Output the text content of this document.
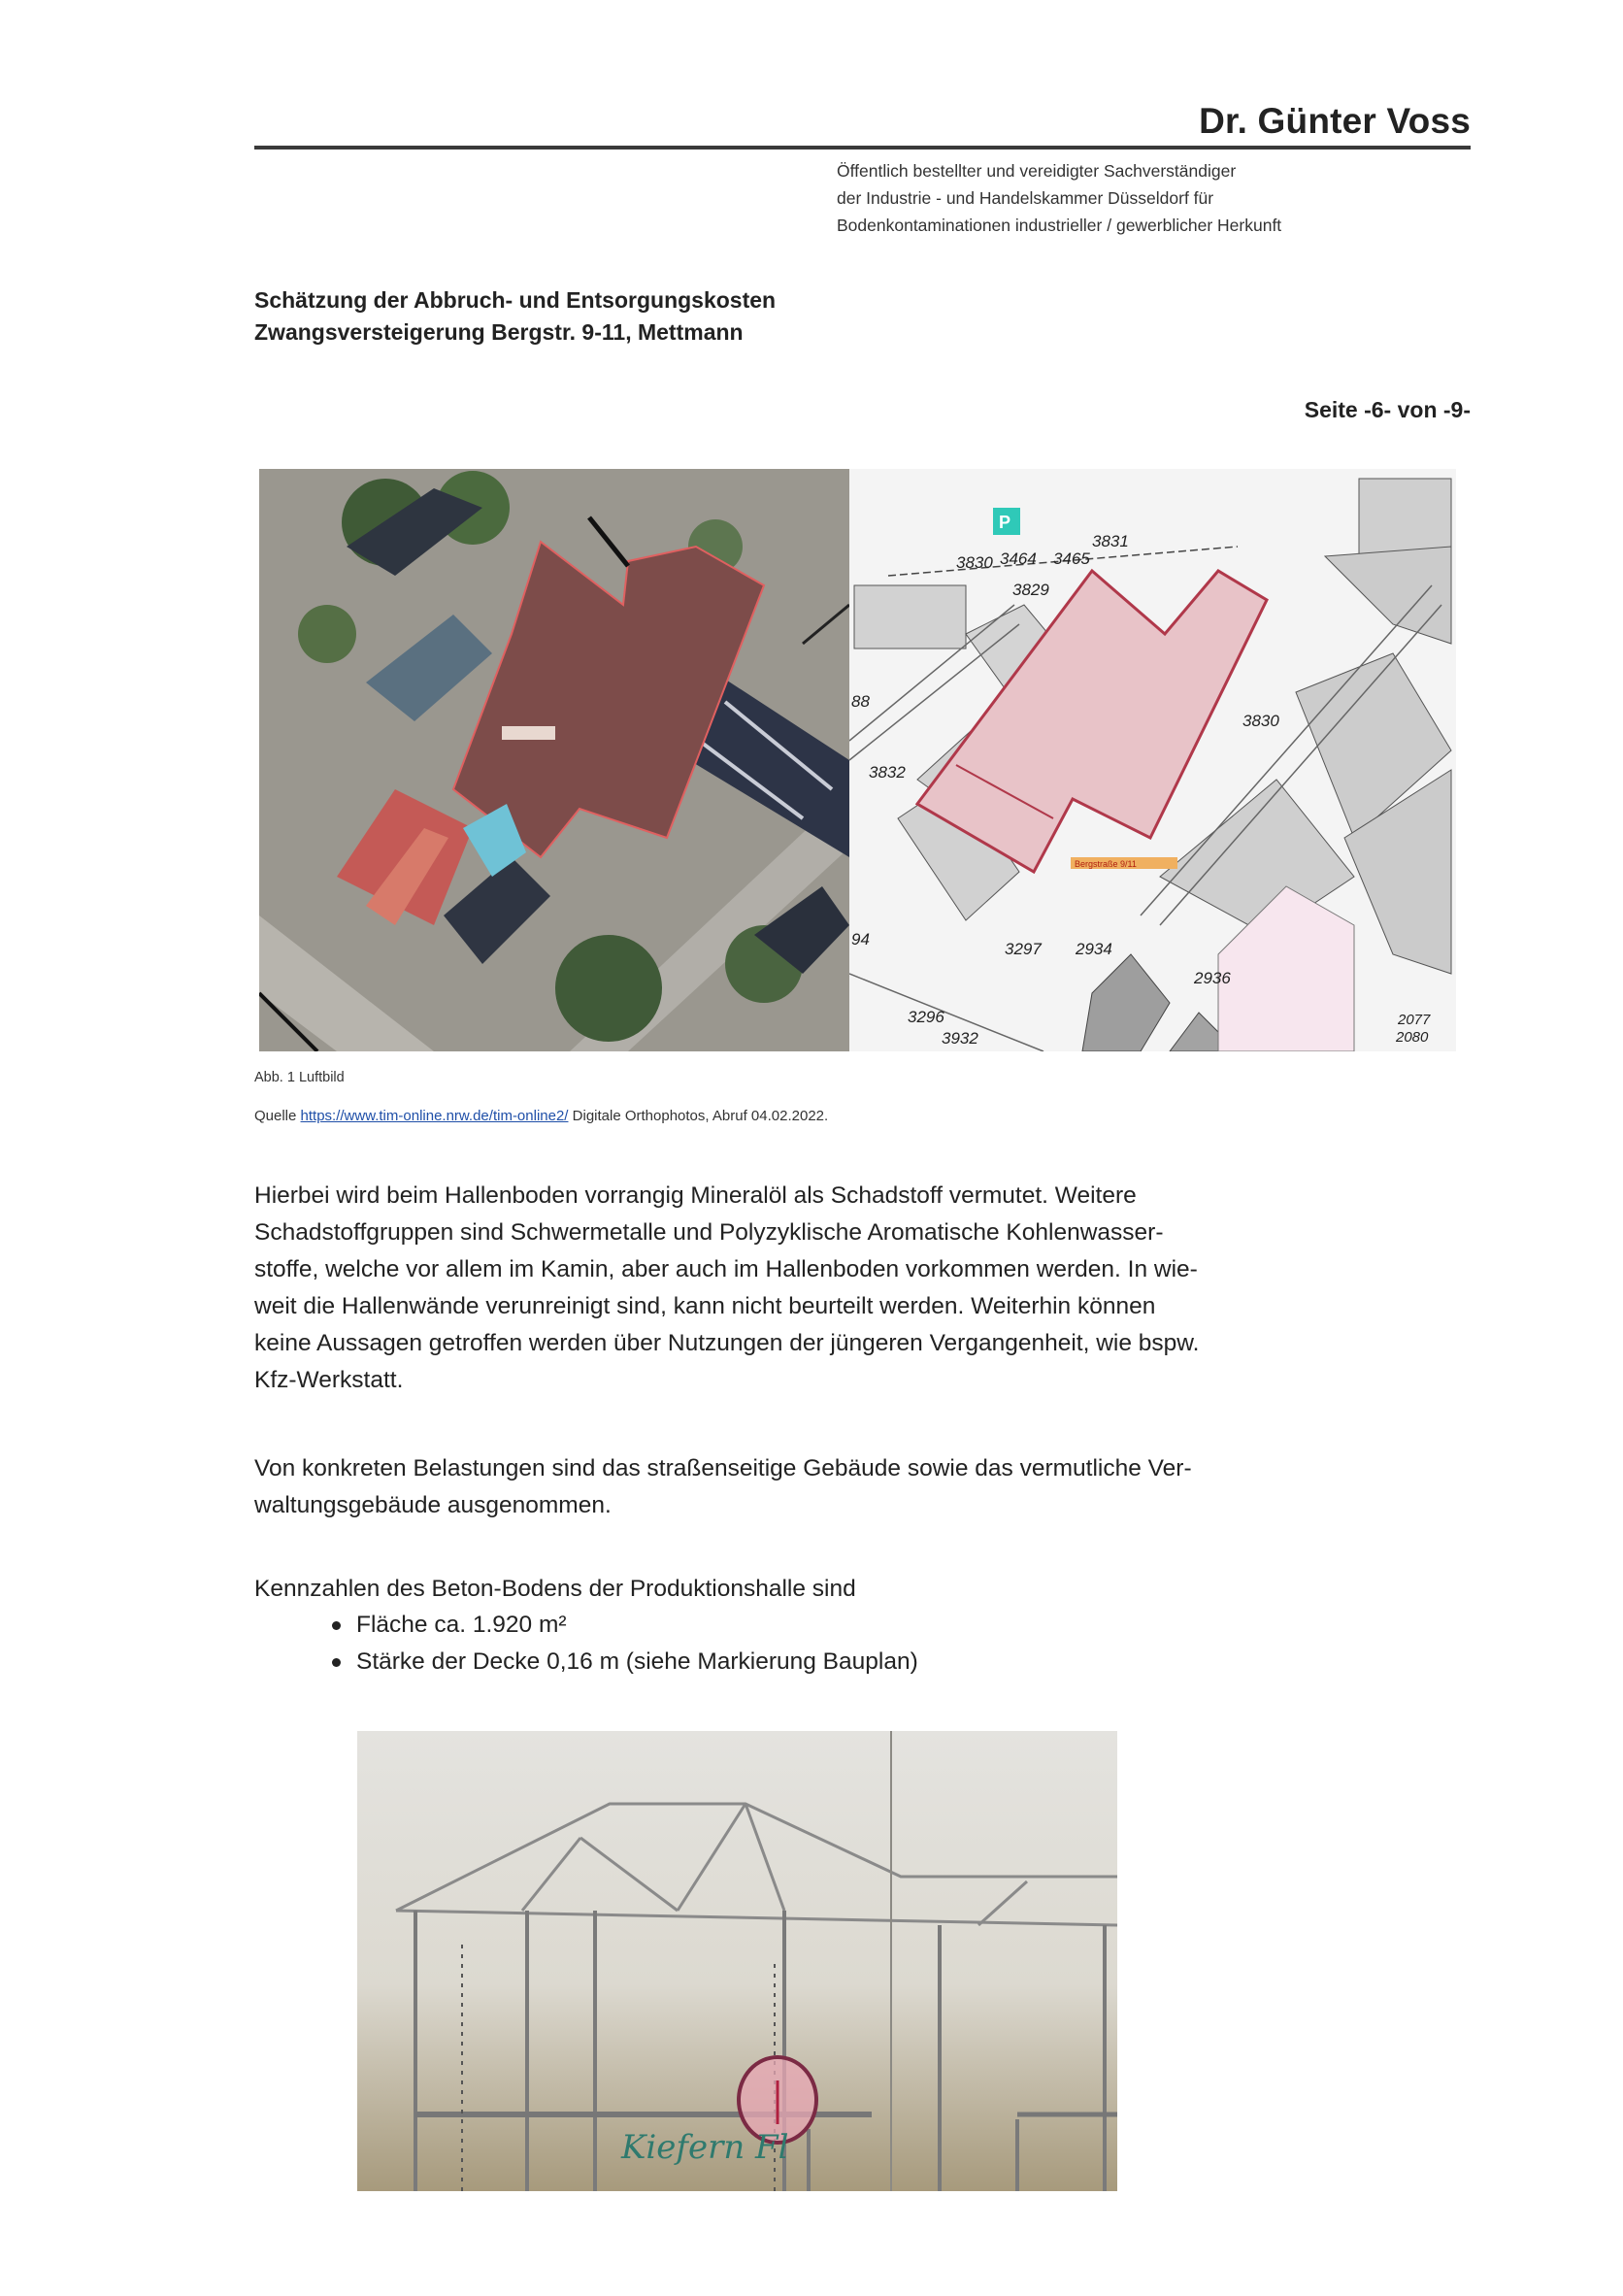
Dr. Günter Voss
Öffentlich bestellter und vereidigter Sachverständiger
der Industrie - und Handelskammer Düsseldorf für
Bodenkontaminationen industrieller / gewerblicher Herkunft
Schätzung der Abbruch- und Entsorgungskosten
Zwangsversteigerung Bergstr. 9-11, Mettmann
Seite -6- von -9-
P
3831
3830 3464 3465
3829
3832
3297 2934
2936
3296
3932
2077
2080
3830
94
88
Bergstraße 9/11
Abb. 1 Luftbild
Quelle https://www.tim-online.nrw.de/tim-online2/ Digitale Orthophotos, Abruf 04.02.2022.
Hierbei wird beim Hallenboden vorrangig Mineralöl als Schadstoff vermutet. Weitere
Schadstoffgruppen sind Schwermetalle und Polyzyklische Aromatische Kohlenwasser-
stoffe, welche vor allem im Kamin, aber auch im Hallenboden vorkommen werden. In wie-
weit die Hallenwände verunreinigt sind, kann nicht beurteilt werden. Weiterhin können
keine Aussagen getroffen werden über Nutzungen der jüngeren Vergangenheit, wie bspw.
Kfz-Werkstatt.
Von konkreten Belastungen sind das straßenseitige Gebäude sowie das vermutliche Ver-
waltungsgebäude ausgenommen.
Kennzahlen des Beton-Bodens der Produktionshalle sind
Fläche ca. 1.920 m²
Stärke der Decke 0,16 m (siehe Markierung Bauplan)
Kiefern Fl
